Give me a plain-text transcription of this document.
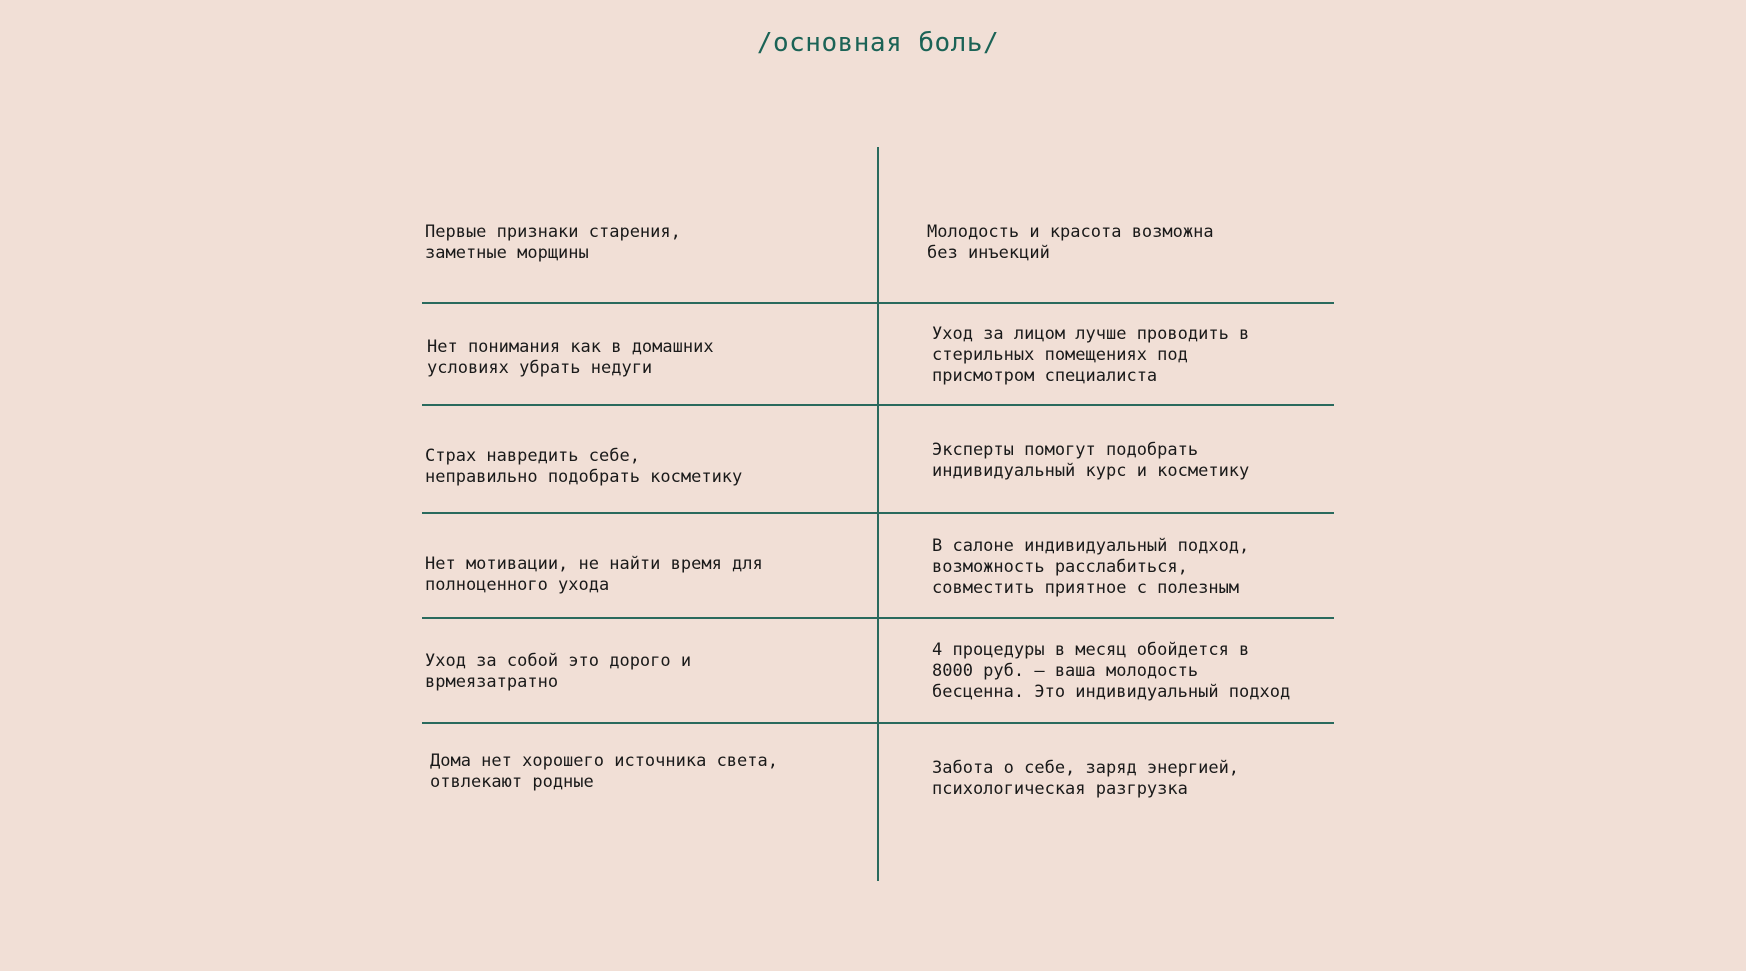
/основная боль/
Первые признаки старения,
заметные морщины
Молодость и красота возможна
без инъекций
Нет понимания как в домашних
условиях убрать недуги
Уход за лицом лучше проводить в
стерильных помещениях под
присмотром специалиста
Страх навредить себе,
неправильно подобрать косметику
Эксперты помогут подобрать
индивидуальный курс и косметику
Нет мотивации, не найти время для
полноценного ухода
В салоне индивидуальный подход,
возможность расслабиться,
совместить приятное с полезным
Уход за собой это дорого и
врмеязатратно
4 процедуры в месяц обойдется в
8000 руб. – ваша молодость
бесценна. Это индивидуальный подход
Дома нет хорошего источника света,
отвлекают родные
Забота о себе, заряд энергией,
психологическая разгрузка
